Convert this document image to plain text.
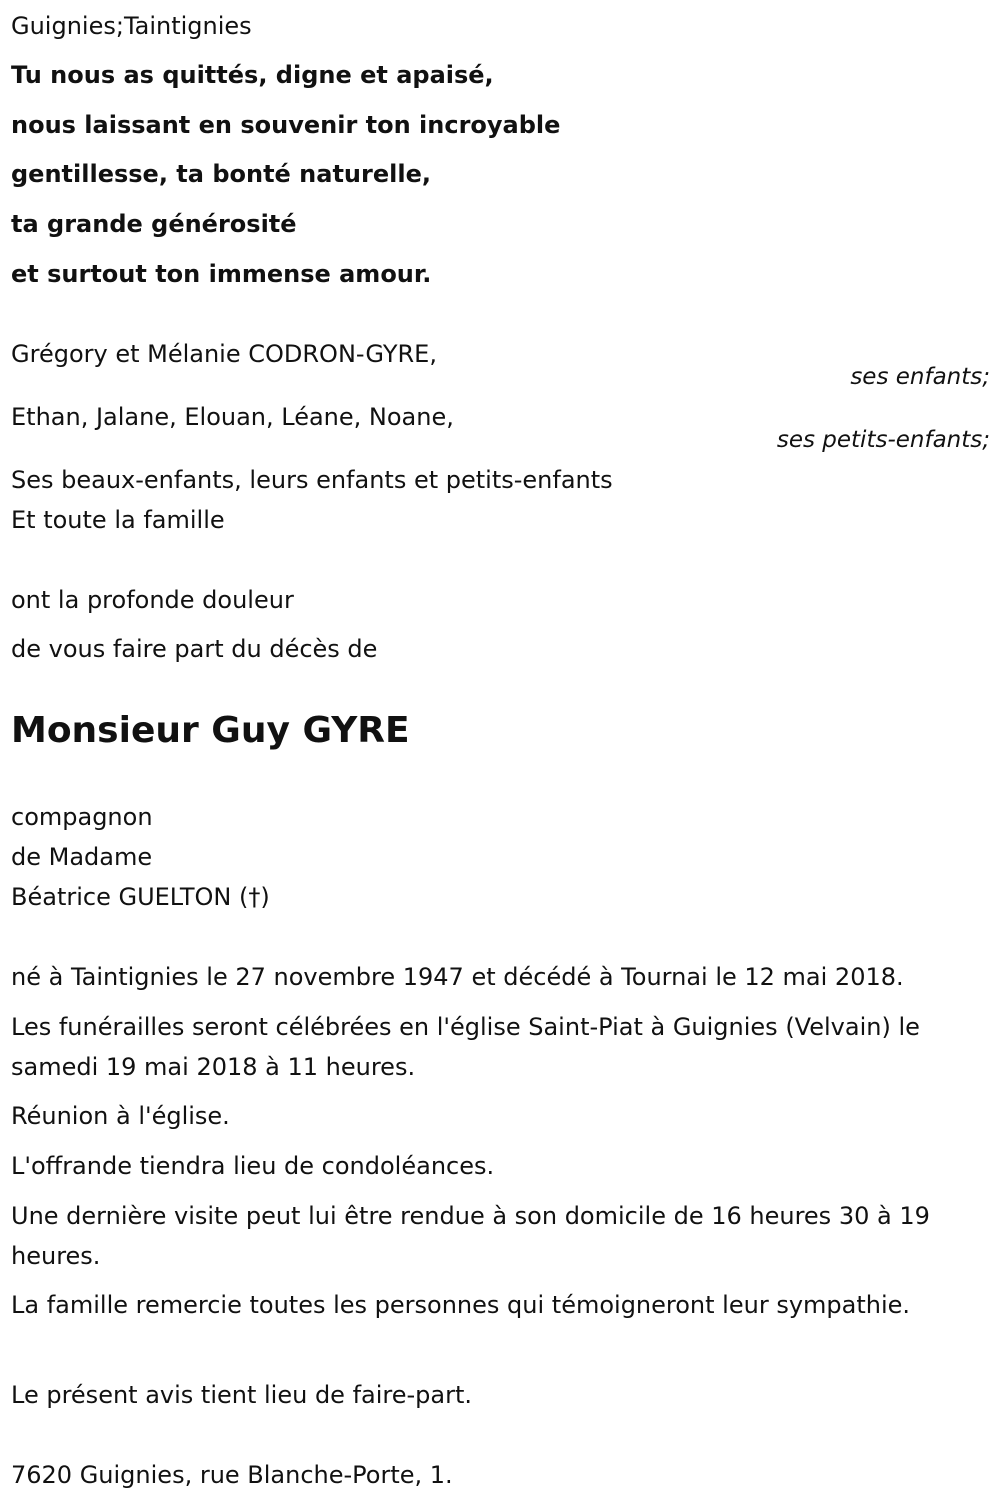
Guignies;Taintignies

Tu nous as quittés, digne et apaisé,

nous laissant en souvenir ton incroyable

gentillesse, ta bonté naturelle,

ta grande générosité

et surtout ton immense amour.

Grégory et Mélanie CODRON-GYRE,

ses enfants;

Ethan, Jalane, Elouan, Léane, Noane,

ses petits-enfants;

Ses beaux-enfants, leurs enfants et petits-enfants

Et toute la famille

ont la profonde douleur

de vous faire part du décès de

Monsieur Guy GYRE

compagnon

de Madame

Béatrice GUELTON (†)

né à Taintignies le 27 novembre 1947 et décédé à Tournai le 12 mai 2018.

Les funérailles seront célébrées en l'église Saint-Piat à Guignies (Velvain) le samedi 19 mai 2018 à 11 heures.

Réunion à l'église.

L'offrande tiendra lieu de condoléances.

Une dernière visite peut lui être rendue à son domicile de 16 heures 30 à 19 heures.

La famille remercie toutes les personnes qui témoigneront leur sympathie.

Le présent avis tient lieu de faire-part.

7620 Guignies, rue Blanche-Porte, 1.
